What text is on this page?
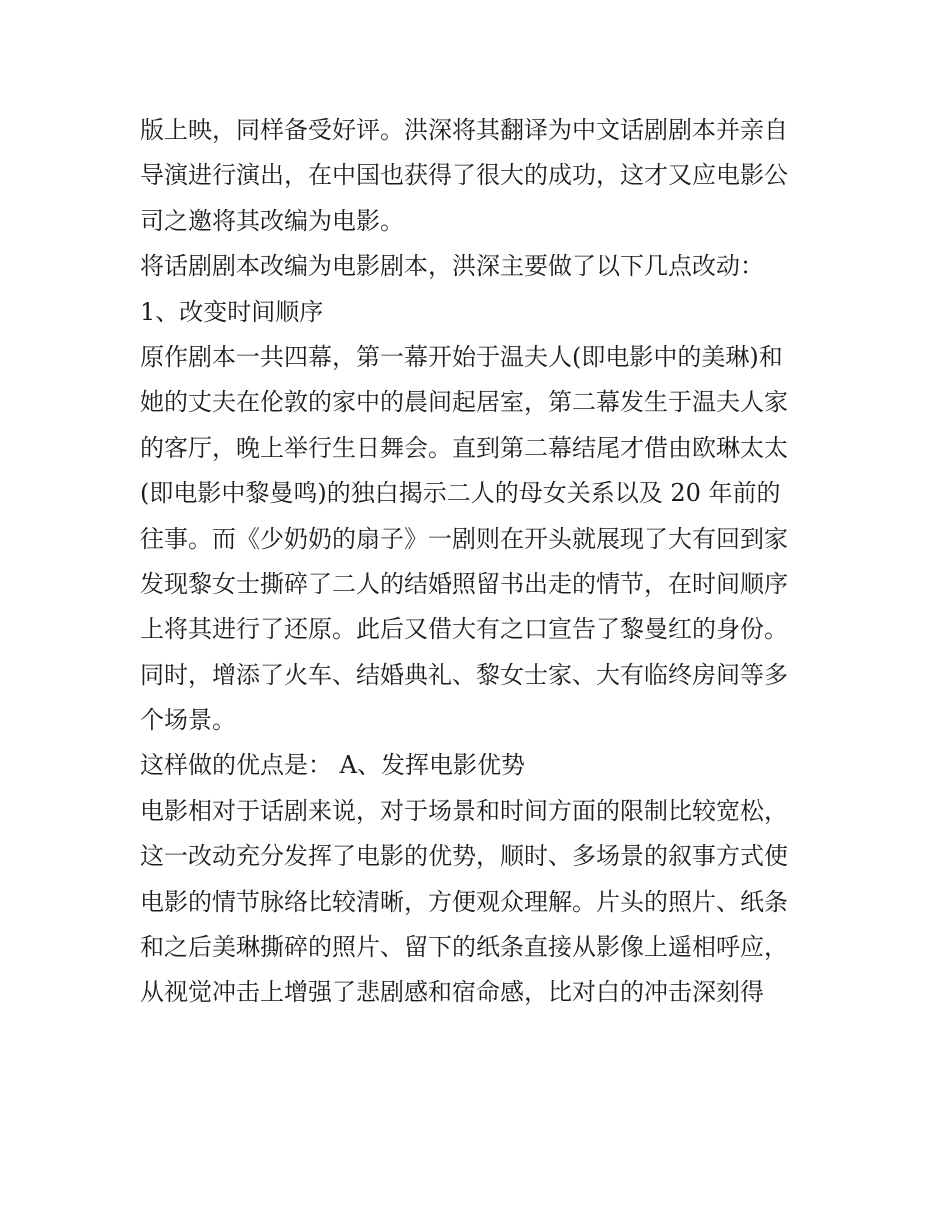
版上映，同样备受好评。洪深将其翻译为中文话剧剧本并亲自

导演进行演出，在中国也获得了很大的成功，这才又应电影公

司之邀将其改编为电影。

将话剧剧本改编为电影剧本，洪深主要做了以下几点改动：

1、改变时间顺序

原作剧本一共四幕，第一幕开始于温夫人(即电影中的美琳)和

她的丈夫在伦敦的家中的晨间起居室，第二幕发生于温夫人家

的客厅，晚上举行生日舞会。直到第二幕结尾才借由欧琳太太

(即电影中黎曼鸣)的独白揭示二人的母女关系以及 20 年前的

往事。而《少奶奶的扇子》一剧则在开头就展现了大有回到家

发现黎女士撕碎了二人的结婚照留书出走的情节，在时间顺序

上将其进行了还原。此后又借大有之口宣告了黎曼红的身份。

同时，增添了火车、结婚典礼、黎女士家、大有临终房间等多

个场景。

这样做的优点是： A、发挥电影优势

电影相对于话剧来说，对于场景和时间方面的限制比较宽松，

这一改动充分发挥了电影的优势，顺时、多场景的叙事方式使

电影的情节脉络比较清晰，方便观众理解。片头的照片、纸条

和之后美琳撕碎的照片、留下的纸条直接从影像上遥相呼应，

从视觉冲击上增强了悲剧感和宿命感，比对白的冲击深刻得
